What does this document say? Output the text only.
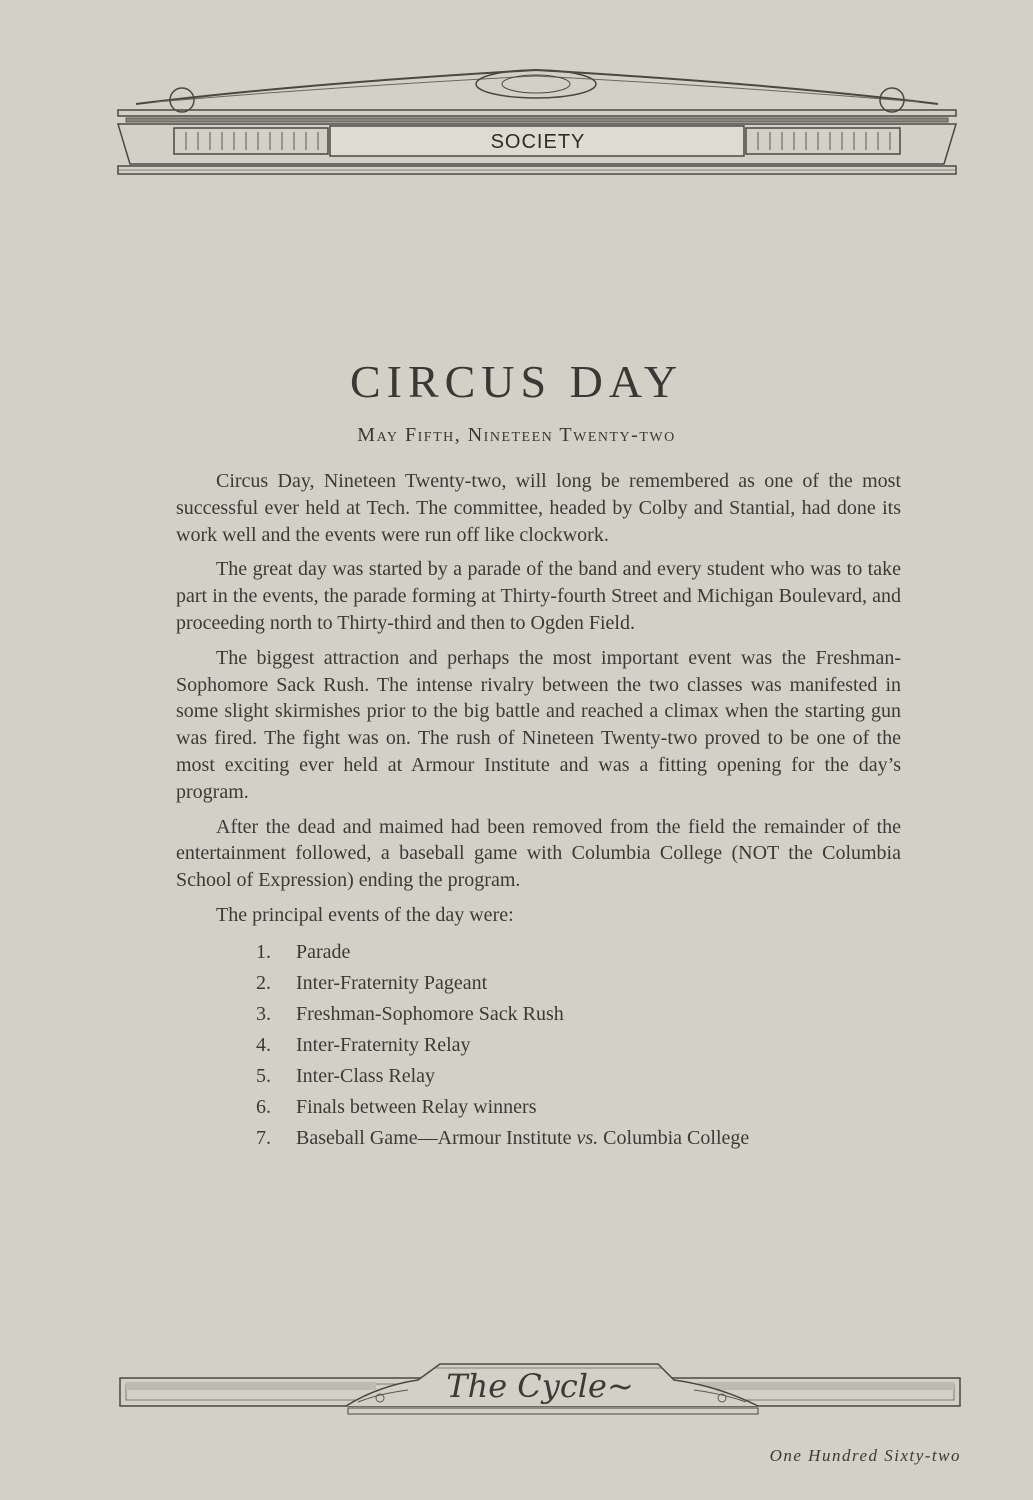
SOCIETY
CIRCUS DAY
May Fifth, Nineteen Twenty-two

Circus Day, Nineteen Twenty-two, will long be remembered as one of the most successful ever held at Tech. The committee, headed by Colby and Stantial, had done its work well and the events were run off like clockwork.

The great day was started by a parade of the band and every student who was to take part in the events, the parade forming at Thirty-fourth Street and Michigan Boulevard, and proceeding north to Thirty-third and then to Ogden Field.

The biggest attraction and perhaps the most important event was the Freshman-Sophomore Sack Rush. The intense rivalry between the two classes was manifested in some slight skirmishes prior to the big battle and reached a climax when the starting gun was fired. The fight was on. The rush of Nineteen Twenty-two proved to be one of the most exciting ever held at Armour Institute and was a fitting opening for the day’s program.

After the dead and maimed had been removed from the field the remainder of the entertainment followed, a baseball game with Columbia College (NOT the Columbia School of Expression) ending the program.

The principal events of the day were:

1.	Parade
2.	Inter-Fraternity Pageant
3.	Freshman-Sophomore Sack Rush
4.	Inter-Fraternity Relay
5.	Inter-Class Relay
6.	Finals between Relay winners
7.	Baseball Game—Armour Institute vs. Columbia College
The Cycle~
One Hundred Sixty-two
